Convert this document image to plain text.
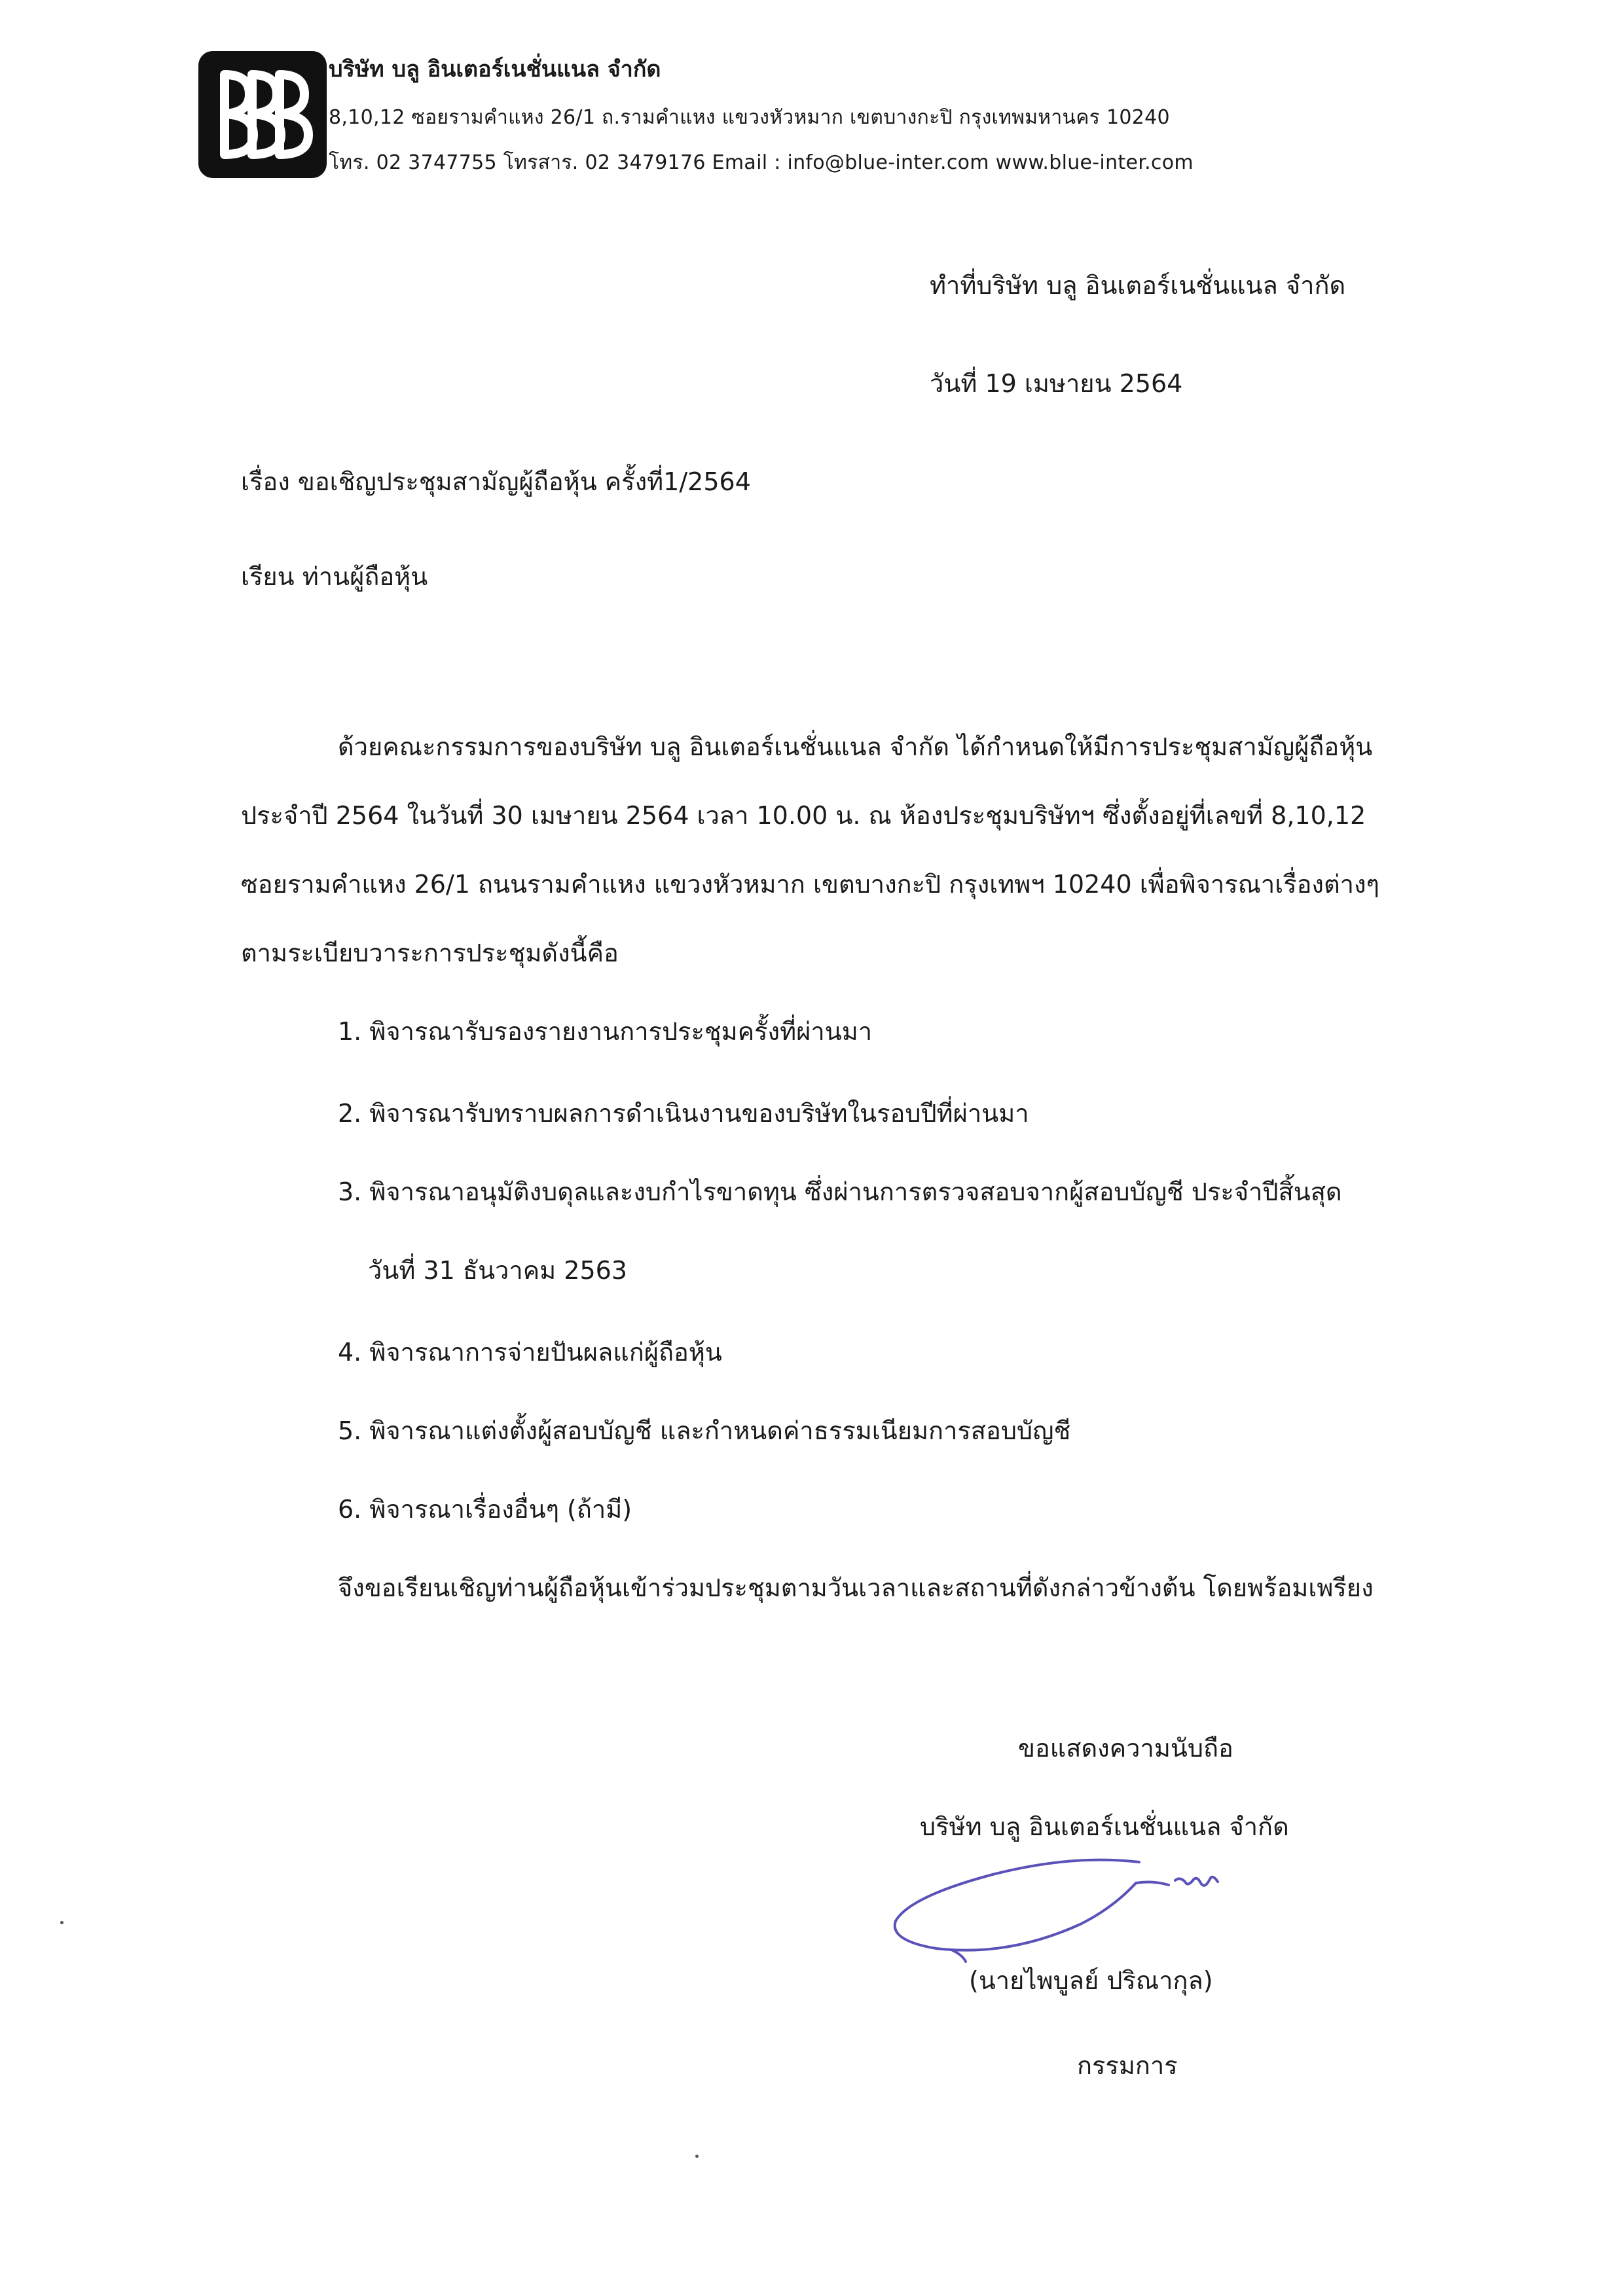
บริษัท บลู อินเตอร์เนชั่นแนล จำกัด
8,10,12 ซอยรามคำแหง 26/1 ถ.รามคำแหง แขวงหัวหมาก เขตบางกะปิ กรุงเทพมหานคร 10240
โทร. 02 3747755 โทรสาร. 02 3479176 Email : info@blue-inter.com www.blue-inter.com
ทำที่บริษัท บลู อินเตอร์เนชั่นแนล จำกัด
วันที่ 19 เมษายน 2564
เรื่อง ขอเชิญประชุมสามัญผู้ถือหุ้น ครั้งที่1/2564
เรียน ท่านผู้ถือหุ้น
ด้วยคณะกรรมการของบริษัท บลู อินเตอร์เนชั่นแนล จำกัด ได้กำหนดให้มีการประชุมสามัญผู้ถือหุ้น
ประจำปี 2564 ในวันที่ 30 เมษายน 2564 เวลา 10.00 น. ณ ห้องประชุมบริษัทฯ ซึ่งตั้งอยู่ที่เลขที่ 8,10,12
ซอยรามคำแหง 26/1 ถนนรามคำแหง แขวงหัวหมาก เขตบางกะปิ กรุงเทพฯ 10240 เพื่อพิจารณาเรื่องต่างๆ
ตามระเบียบวาระการประชุมดังนี้คือ
1. พิจารณารับรองรายงานการประชุมครั้งที่ผ่านมา
2. พิจารณารับทราบผลการดำเนินงานของบริษัทในรอบปีที่ผ่านมา
3. พิจารณาอนุมัติงบดุลและงบกำไรขาดทุน ซึ่งผ่านการตรวจสอบจากผู้สอบบัญชี ประจำปีสิ้นสุด
วันที่ 31 ธันวาคม 2563
4. พิจารณาการจ่ายปันผลแก่ผู้ถือหุ้น
5. พิจารณาแต่งตั้งผู้สอบบัญชี และกำหนดค่าธรรมเนียมการสอบบัญชี
6. พิจารณาเรื่องอื่นๆ (ถ้ามี)
จึงขอเรียนเชิญท่านผู้ถือหุ้นเข้าร่วมประชุมตามวันเวลาและสถานที่ดังกล่าวข้างต้น โดยพร้อมเพรียง
ขอแสดงความนับถือ
บริษัท บลู อินเตอร์เนชั่นแนล จำกัด
(นายไพบูลย์ ปริณากุล)
กรรมการ
